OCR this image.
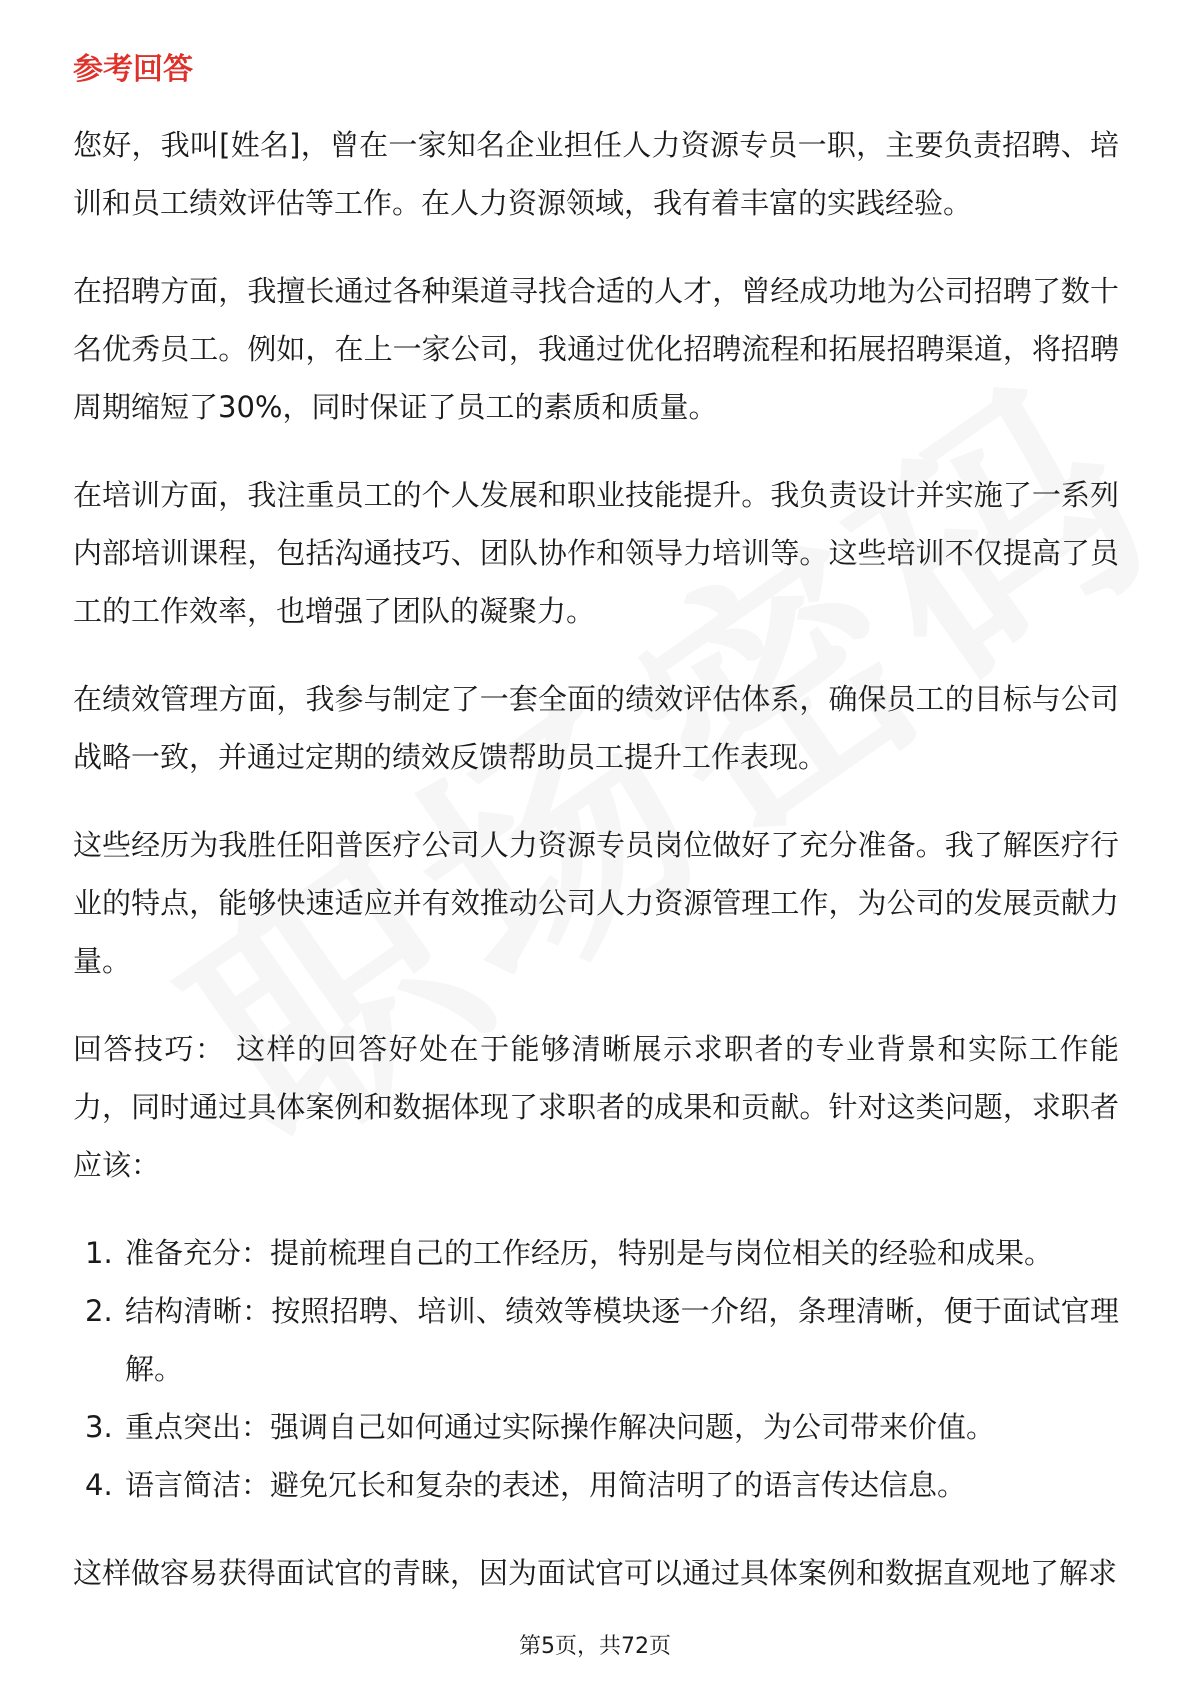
参考回答

您好，我叫[姓名]，曾在一家知名企业担任人力资源专员一职，主要负责招聘、培训和员工绩效评估等工作。在人力资源领域，我有着丰富的实践经验。

在招聘方面，我擅长通过各种渠道寻找合适的人才，曾经成功地为公司招聘了数十名优秀员工。例如，在上一家公司，我通过优化招聘流程和拓展招聘渠道，将招聘周期缩短了30%，同时保证了员工的素质和质量。

在培训方面，我注重员工的个人发展和职业技能提升。我负责设计并实施了一系列内部培训课程，包括沟通技巧、团队协作和领导力培训等。这些培训不仅提高了员工的工作效率，也增强了团队的凝聚力。

在绩效管理方面，我参与制定了一套全面的绩效评估体系，确保员工的目标与公司战略一致，并通过定期的绩效反馈帮助员工提升工作表现。

这些经历为我胜任阳普医疗公司人力资源专员岗位做好了充分准备。我了解医疗行业的特点，能够快速适应并有效推动公司人力资源管理工作，为公司的发展贡献力量。

回答技巧： 这样的回答好处在于能够清晰展示求职者的专业背景和实际工作能力，同时通过具体案例和数据体现了求职者的成果和贡献。针对这类问题，求职者应该：

1. 准备充分：提前梳理自己的工作经历，特别是与岗位相关的经验和成果。
2. 结构清晰：按照招聘、培训、绩效等模块逐一介绍，条理清晰，便于面试官理解。
3. 重点突出：强调自己如何通过实际操作解决问题，为公司带来价值。
4. 语言简洁：避免冗长和复杂的表述，用简洁明了的语言传达信息。

这样做容易获得面试官的青睐，因为面试官可以通过具体案例和数据直观地了解求

第5页，共72页
